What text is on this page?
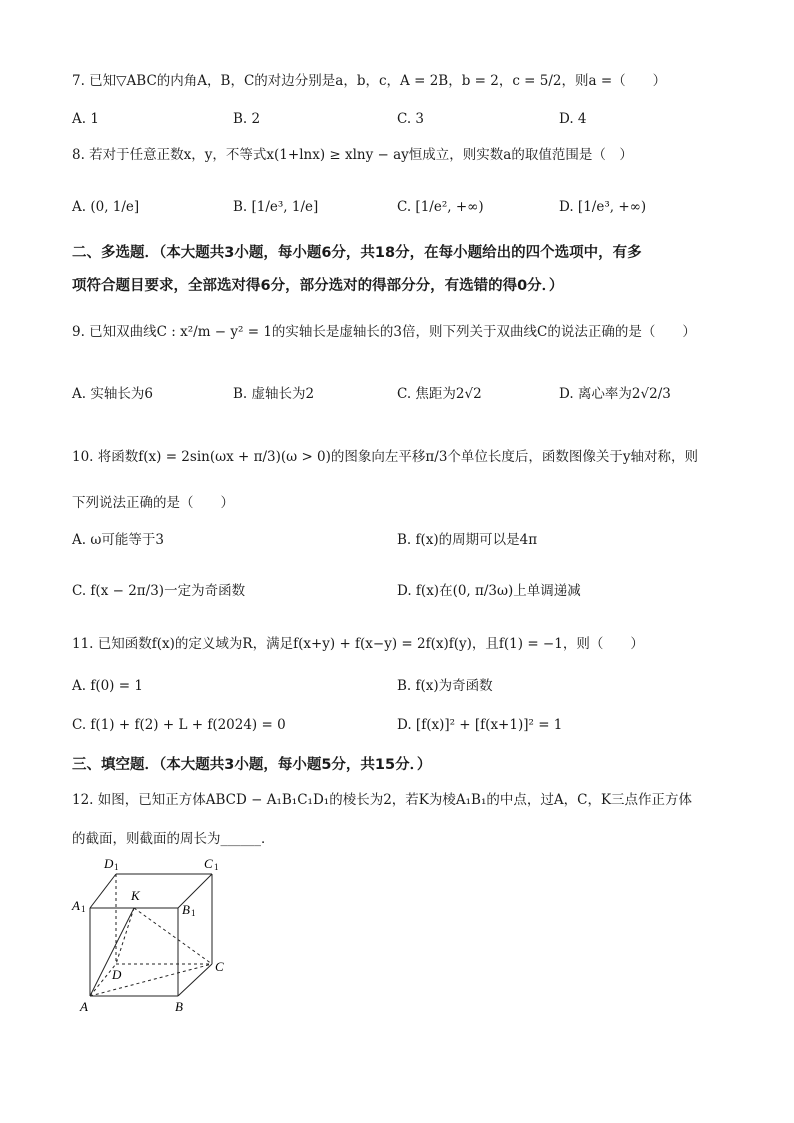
7. 已知▽ABC的内角A，B，C的对边分别是a，b，c，A = 2B，b = 2，c = 5/2，则a =（　　）
A. 1	B. 2	C. 3	D. 4
8. 若对于任意正数x，y，不等式x(1+lnx) ≥ xlny − ay恒成立，则实数a的取值范围是（　）
A. (0, 1/e]	B. [1/e³, 1/e]	C. [1/e², +∞)	D. [1/e³, +∞)
二、多选题．（本大题共3小题，每小题6分，共18分，在每小题给出的四个选项中，有多
项符合题目要求，全部选对得6分，部分选对的得部分分，有选错的得0分．）
9. 已知双曲线C : x²/m − y² = 1的实轴长是虚轴长的3倍，则下列关于双曲线C的说法正确的是（　　）
A. 实轴长为6	B. 虚轴长为2	C. 焦距为2√2	D. 离心率为2√2/3
10. 将函数f(x) = 2sin(ωx + π/3)(ω > 0)的图象向左平移π/3个单位长度后，函数图像关于y轴对称，则
下列说法正确的是（　　）
A. ω可能等于3	B. f(x)的周期可以是4π
C. f(x − 2π/3)一定为奇函数	D. f(x)在(0, π/3ω)上单调递减
11. 已知函数f(x)的定义域为R，满足f(x+y) + f(x−y) = 2f(x)f(y)，且f(1) = −1，则（　　）
A. f(0) = 1	B. f(x)为奇函数
C. f(1) + f(2) + L + f(2024) = 0	D. [f(x)]² + [f(x+1)]² = 1
三、填空题．（本大题共3小题，每小题5分，共15分．）
12. 如图，已知正方体ABCD − A₁B₁C₁D₁的棱长为2，若K为棱A₁B₁的中点，过A，C，K三点作正方体
的截面，则截面的周长为______．
D 1	C 1
A 1	B 1
K
D
C
A	B
